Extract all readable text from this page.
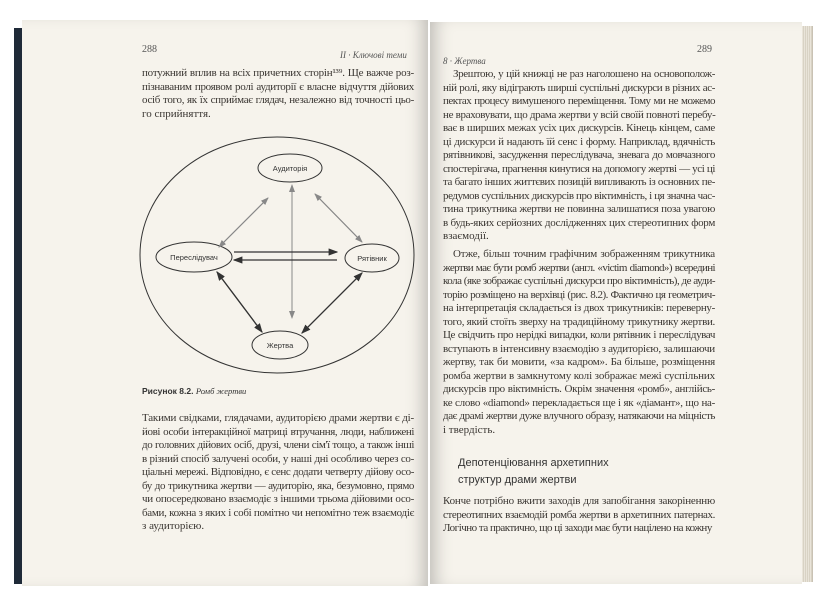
288	II · Ключові теми
потужний вплив на всіх причетних сторін¹³⁹. Ще важче роз-
пізнаваним проявом ролі аудиторії є власне відчуття дійових
осіб того, як їх сприймає глядач, незалежно від точності цьо-
го сприйняття.
Аудиторія
Переслідувач	Рятівник
Жертва
Рисунок 8.2. Ромб жертви
Такими свідками, глядачами, аудиторією драми жертви є ді-
йові особи інтеракційної матриці втручання, люди, наближені
до головних дійових осіб, друзі, члени сім'ї тощо, а також інші
в різний спосіб залучені особи, у наші дні особливо через со-
ціальні мережі. Відповідно, є сенс додати четверту дійову осо-
бу до трикутника жертви — аудиторію, яка, безумовно, прямо
чи опосередковано взаємодіє з іншими трьома дійовими осо-
бами, кожна з яких і собі помітно чи непомітно теж взаємодіє
з аудиторією.
289
8 · Жертва
Зрештою, у цій книжці не раз наголошено на основополож-
ній ролі, яку відіграють ширші суспільні дискурси в різних ас-
пектах процесу вимушеного переміщення. Тому ми не можемо
не враховувати, що драма жертви у всій своїй повноті перебу-
ває в ширших межах усіх цих дискурсів. Кінець кінцем, саме
ці дискурси й надають їй сенс і форму. Наприклад, вдячність
рятівникові, засудження переслідувача, зневага до мовчазного
спостерігача, прагнення кинутися на допомогу жертві — усі ці
та багато інших життєвих позицій випливають із основних пе-
редумов суспільних дискурсів про віктимність, і ця значна час-
тина трикутника жертви не повинна залишатися поза увагою
в будь-яких серйозних дослідженнях цих стереотипних форм
взаємодії.
Отже, більш точним графічним зображенням трикутника
жертви має бути ромб жертви (англ. «victim diamond») всередині
кола (яке зображає суспільні дискурси про віктимність), де ауди-
торію розміщено на верхівці (рис. 8.2). Фактично ця геометрич-
на інтерпретація складається із двох трикутників: переверну-
того, який стоїть зверху на традиційному трикутнику жертви.
Це свідчить про нерідкі випадки, коли рятівник і переслідувач
вступають в інтенсивну взаємодію з аудиторією, залишаючи
жертву, так би мовити, «за кадром». Ба більше, розміщення
ромба жертви в замкнутому колі зображає межі суспільних
дискурсів про віктимність. Окрім значення «ромб», англійсь-
ке слово «diamond» перекладається ще і як «діамант», що на-
дає драмі жертви дуже влучного образу, натякаючи на міцність
і твердість.
Депотенціювання архетипних
структур драми жертви
Конче потрібно вжити заходів для запобігання закоріненню
стереотипних взаємодій ромба жертви в архетипних патернах.
Логічно та практично, що ці заходи має бути націлено на кожну
